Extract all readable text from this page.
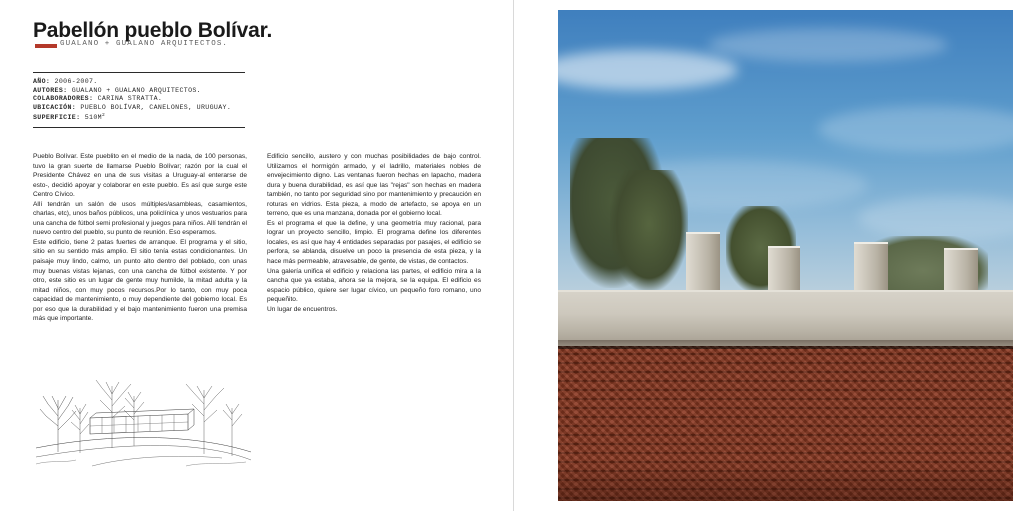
Pabellón pueblo Bolívar.
GUALANO + GUALANO ARQUITECTOS.
AÑO: 2006-2007.
AUTORES: GUALANO + GUALANO ARQUITECTOS.
COLABORADORES: CARINA STRATTA.
UBICACIÓN: PUEBLO BOLÍVAR, CANELONES, URUGUAY.
SUPERFICIE: $510M^2$

Pueblo Bolívar. Este pueblito en el medio de la nada, de 100 personas, tuvo la gran suerte de llamarse Pueblo Bolívar; razón por la cual el Presidente Chávez en una de sus visitas a Uruguay-al enterarse de esto-, decidió apoyar y colaborar en este pueblo. Es así que surge este Centro Cívico.

Allí tendrán un salón de usos múltiples/asambleas, casamientos, charlas, etc), unos baños públicos, una policlínica y unos vestuarios para una cancha de fútbol semi profesional y juegos para niños. Allí tendrán el nuevo centro del pueblo, su punto de reunión. Eso esperamos.

Este edificio, tiene 2 patas fuertes de arranque. El programa y el sitio, sitio en su sentido más amplio. El sitio tenía estas condicionantes. Un paisaje muy lindo, calmo, un punto alto dentro del poblado, con unas muy buenas vistas lejanas, con una cancha de fútbol existente. Y por otro, este sitio es un lugar de gente muy humilde, la mitad adulta y la mitad niños, con muy pocos recursos.Por lo tanto, con muy poca capacidad de mantenimiento, o muy dependiente del gobierno local. Es por eso que la durabilidad y el bajo mantenimiento fueron una premisa más que importante.

Edificio sencillo, austero y con muchas posibilidades de bajo control. Utilizamos el hormigón armado, y el ladrillo, materiales nobles de envejecimiento digno. Las ventanas fueron hechas en lapacho, madera dura y buena durabilidad, es así que las "rejas" son hechas en madera también, no tanto por seguridad sino por mantenimiento y precaución en roturas en vidrios. Esta pieza, a modo de artefacto, se apoya en un terreno, que es una manzana, donada por el gobierno local.

Es el programa el que la define, y una geometría muy racional, para lograr un proyecto sencillo, limpio. El programa define los diferentes locales, es así que hay 4 entidades separadas por pasajes, el edificio se perfora, se ablanda, disuelve un poco la presencia de esta pieza, y la hace más permeable, atravesable, de gente, de vistas, de contactos.

Una galería unifica el edificio y relaciona las partes, el edificio mira a la cancha que ya estaba, ahora se la mejora, se la equipa. El edificio es espacio público, quiere ser lugar cívico, un pequeño foro romano, uno pequeñito.

Un lugar de encuentros.
